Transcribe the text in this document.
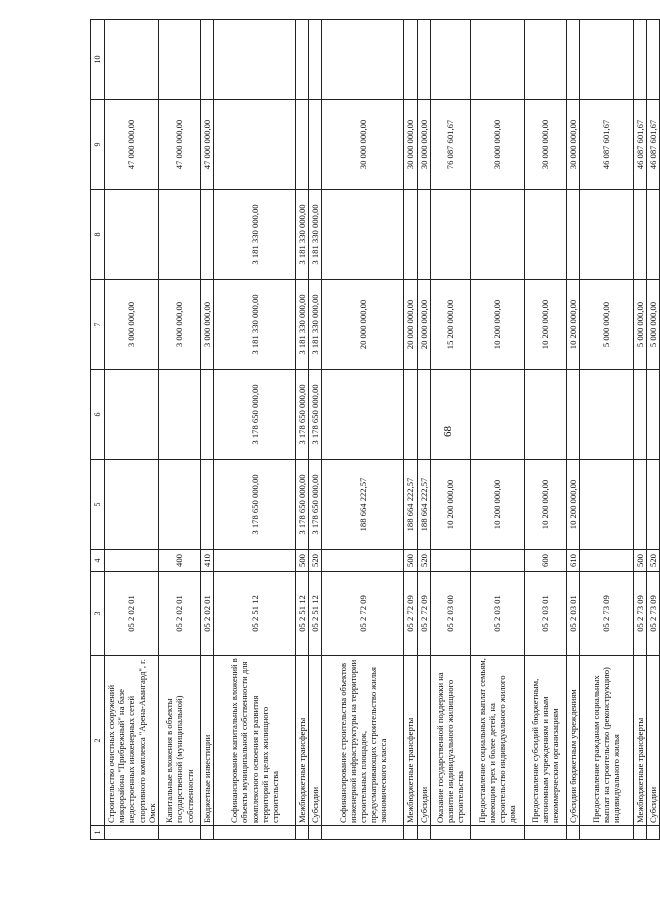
68
1	2	3	4	5	6	7	8	9	10
	Строительство очистных сооружений микрорайона "Прибрежный" на базе недостроенных инженерных сетей спортивного комплекса "Арена-Авангард", г. Омск	05 2 02 01				3 000 000,00		47 000 000,00	
	Капитальные вложения в объекты государственной (муниципальной) собственности	05 2 02 01	400			3 000 000,00		47 000 000,00	
	Бюджетные инвестиции	05 2 02 01	410			3 000 000,00		47 000 000,00	
	Софинансирование капитальных вложений в объекты муниципальной собственности для комплексного освоения и развития территорий в целях жилищного строительства	05 2 51 12		3 178 650 000,00	3 178 650 000,00	3 181 330 000,00	3 181 330 000,00		
	Межбюджетные трансферты	05 2 51 12	500	3 178 650 000,00	3 178 650 000,00	3 181 330 000,00	3 181 330 000,00		
	Субсидии	05 2 51 12	520	3 178 650 000,00	3 178 650 000,00	3 181 330 000,00	3 181 330 000,00		
	Софинансирование строительства объектов инженерной инфраструктуры на территории строительных площадок, предусматривающих строительство жилья экономического класса	05 2 72 09		188 664 222,57		20 000 000,00		30 000 000,00	
	Межбюджетные трансферты	05 2 72 09	500	188 664 222,57		20 000 000,00		30 000 000,00	
	Субсидии	05 2 72 09	520	188 664 222,57		20 000 000,00		30 000 000,00	
	Оказание государственной поддержки на развитие индивидуального жилищного строительства	05 2 03 00		10 200 000,00		15 200 000,00		76 087 601,67	
	Предоставление социальных выплат семьям, имеющим трех и более детей, на строительство индивидуального жилого дома	05 2 03 01		10 200 000,00		10 200 000,00		30 000 000,00	
	Предоставление субсидий бюджетным, автономным учреждениям и иным некоммерческим организациям	05 2 03 01	600	10 200 000,00		10 200 000,00		30 000 000,00	
	Субсидии бюджетным учреждениям	05 2 03 01	610	10 200 000,00		10 200 000,00		30 000 000,00	
	Предоставление гражданам социальных выплат на строительство (реконструкцию) индивидуального жилья	05 2 73 09				5 000 000,00		46 087 601,67	
	Межбюджетные трансферты	05 2 73 09	500			5 000 000,00		46 087 601,67	
	Субсидии	05 2 73 09	520			5 000 000,00		46 087 601,67	
